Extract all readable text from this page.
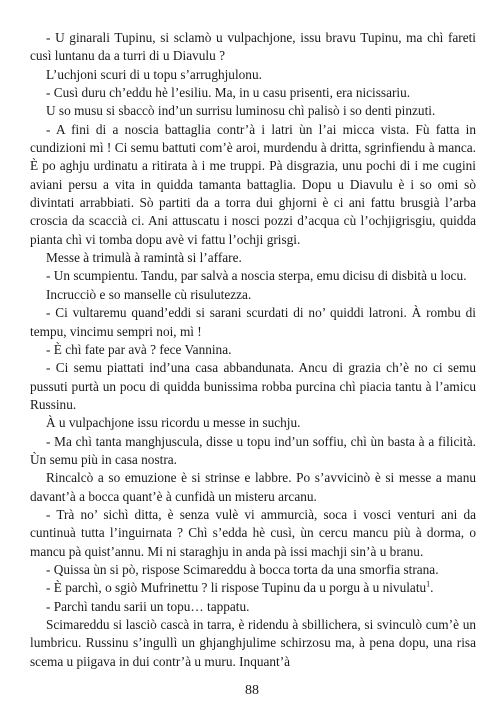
- U ginarali Tupinu, si sclamò u vulpachjone, issu bravu Tupinu, ma chì fareti cusì luntanu da a turri di u Diavulu ?

L’uchjoni scuri di u topu s’arrughjulonu.

- Cusì duru ch’eddu hè l’esiliu. Ma, in u casu prisenti, era nicissariu.

U so musu si sbaccò ind’un surrisu luminosu chì palisò i so denti pinzuti.

- A fini di a noscia battaglia contr’à i latri ùn l’ai micca vista. Fù fatta in cundizioni mì ! Ci semu battuti com’è aroi, murdendu à dritta, sgrinfiendu à manca. È po aghju urdinatu a ritirata à i me truppi. Pà disgrazia, unu pochi di i me cugini aviani persu a vita in quidda tamanta battaglia. Dopu u Diavulu è i so omi sò divintati arrabbiati. Sò partiti da a torra dui ghjorni è ci ani fattu brusgià l’arba croscia da scaccià ci. Ani attuscatu i nosci pozzi d’acqua cù l’ochjigrisgiu, quidda pianta chì vi tomba dopu avè vi fattu l’ochji grisgi.

Messe à trimulà à ramintà si l’affare.

- Un scumpientu. Tandu, par salvà a noscia sterpa, emu dicisu di disbità u locu.

Incrucciò e so manselle cù risulutezza.

- Ci vultaremu quand’eddi si sarani scurdati di no’ quiddi latroni. À rombu di tempu, vincimu sempri noi, mì !

- È chì fate par avà ? fece Vannina.

- Ci semu piattati ind’una casa abbandunata. Ancu di grazia ch’è no ci semu pussuti purtà un pocu di quidda bunissima robba purcina chì piacia tantu à l’amicu Russinu.

À u vulpachjone issu ricordu u messe in suchju.

- Ma chì tanta manghjuscula, disse u topu ind’un soffiu, chì ùn basta à a filicità. Ùn semu più in casa nostra.

Rincalcò a so emuzione è si strinse e labbre. Po s’avvicinò è si messe a manu davant’à a bocca quant’è à cunfidà un misteru arcanu.

- Trà no’ sichì ditta, è senza vulè vi ammurcià, soca i vosci venturi ani da cuntinuà tutta l’inguirnata ? Chì s’edda hè cusì, ùn cercu mancu più à dorma, o mancu pà quist’annu. Mi ni staraghju in anda pà issi machji sin’à u branu.

- Quissa ùn si pò, rispose Scimareddu à bocca torta da una smorfia strana.

- È parchì, o sgiò Mufrinettu ? li rispose Tupinu da u porgu à u nivulatu$^1$.

- Parchì tandu sarii un topu… tappatu.

Scimareddu si lasciò cascà in tarra, è ridendu à sbillichera, si svinculò cum’è un lumbricu. Russinu s’ingullì un ghjanghjulime schirzosu ma, à pena dopu, una risa scema u piigava in dui contr’à u muru. Inquant’à

88
